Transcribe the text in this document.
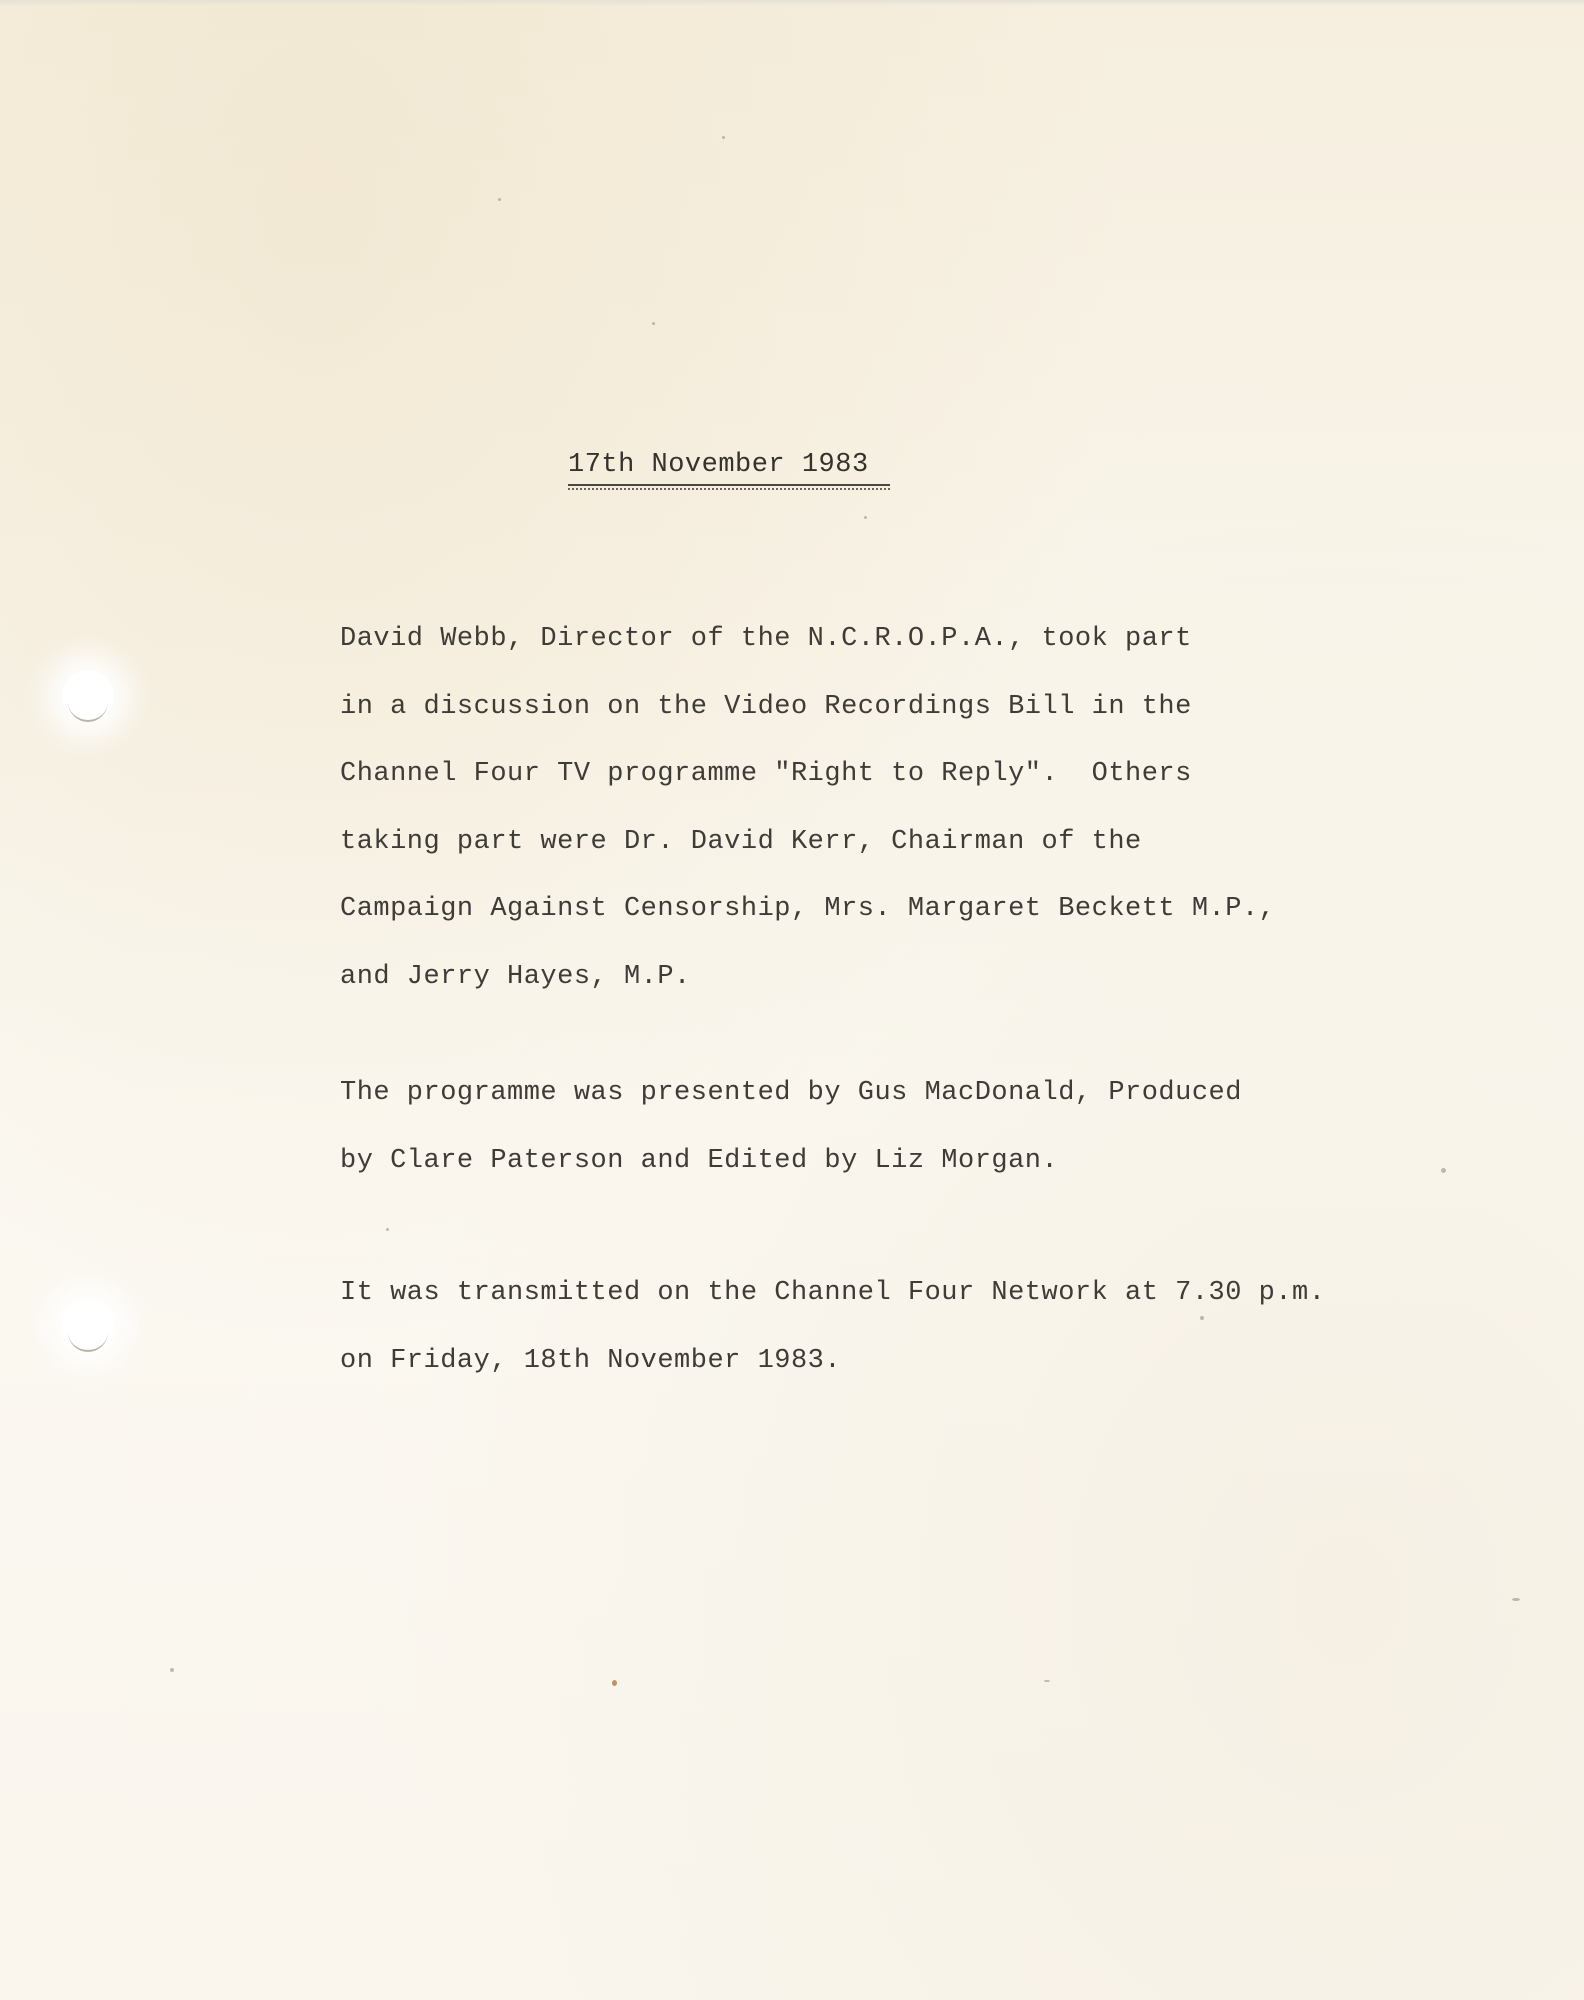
17th November 1983
David Webb, Director of the N.C.R.O.P.A., took part
in a discussion on the Video Recordings Bill in the
Channel Four TV programme "Right to Reply".  Others
taking part were Dr. David Kerr, Chairman of the
Campaign Against Censorship, Mrs. Margaret Beckett M.P.,
and Jerry Hayes, M.P.
The programme was presented by Gus MacDonald, Produced
by Clare Paterson and Edited by Liz Morgan.
It was transmitted on the Channel Four Network at 7.30 p.m.
on Friday, 18th November 1983.
